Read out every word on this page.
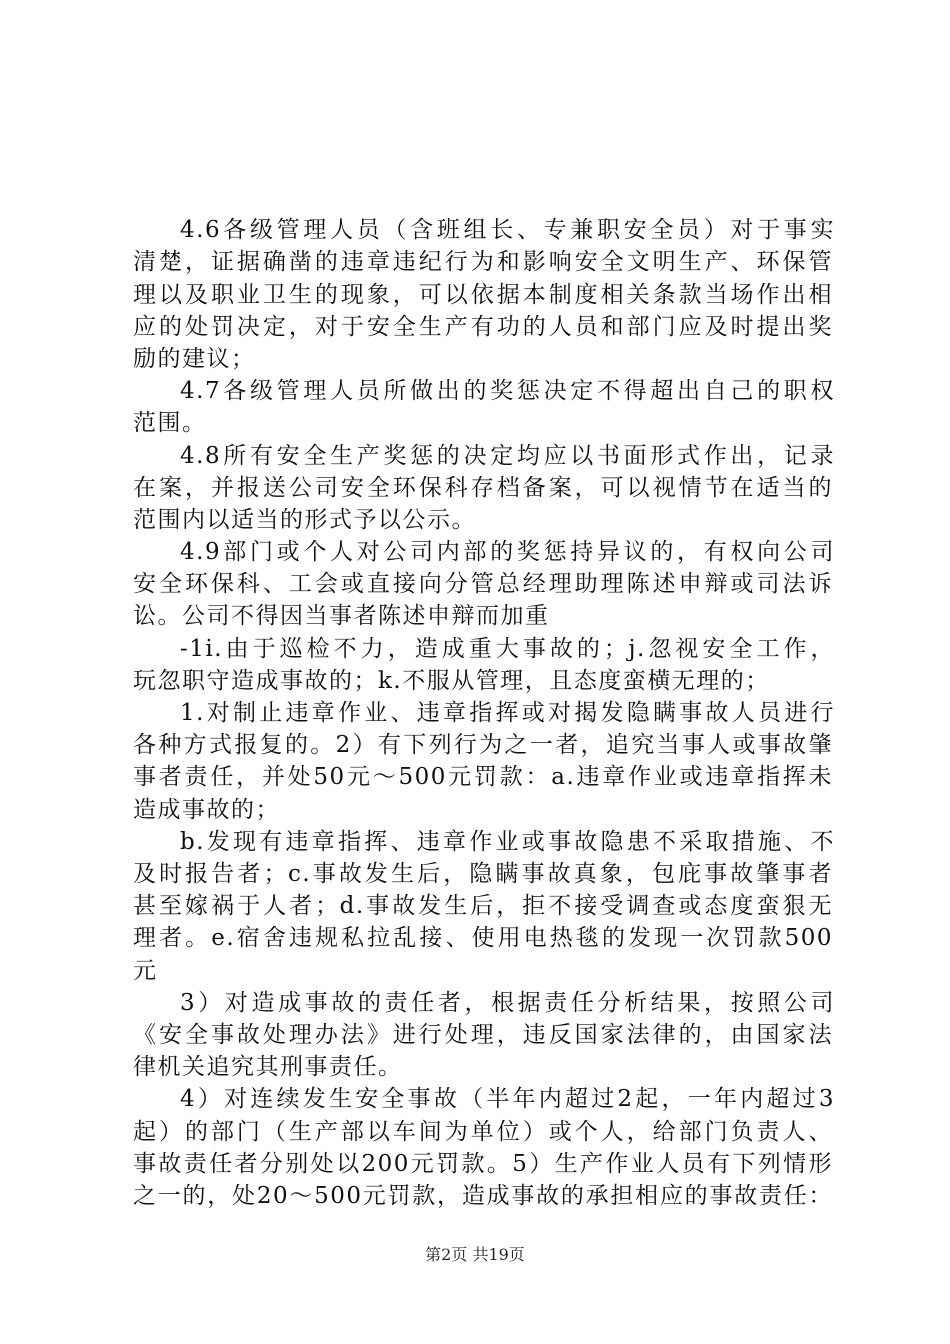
4.6各级管理人员（含班组长、专兼职安全员）对于事实
清楚，证据确凿的违章违纪行为和影响安全文明生产、环保管
理以及职业卫生的现象，可以依据本制度相关条款当场作出相
应的处罚决定，对于安全生产有功的人员和部门应及时提出奖
励的建议；
4.7各级管理人员所做出的奖惩决定不得超出自己的职权
范围。
4.8所有安全生产奖惩的决定均应以书面形式作出，记录
在案，并报送公司安全环保科存档备案，可以视情节在适当的
范围内以适当的形式予以公示。
4.9部门或个人对公司内部的奖惩持异议的，有权向公司
安全环保科、工会或直接向分管总经理助理陈述申辩或司法诉
讼。公司不得因当事者陈述申辩而加重
-1i.由于巡检不力，造成重大事故的；j.忽视安全工作，
玩忽职守造成事故的；k.不服从管理，且态度蛮横无理的；
1.对制止违章作业、违章指挥或对揭发隐瞒事故人员进行
各种方式报复的。2）有下列行为之一者，追究当事人或事故肇
事者责任，并处50元～500元罚款：a.违章作业或违章指挥未
造成事故的；
b.发现有违章指挥、违章作业或事故隐患不采取措施、不
及时报告者；c.事故发生后，隐瞒事故真象，包庇事故肇事者
甚至嫁祸于人者；d.事故发生后，拒不接受调查或态度蛮狠无
理者。e.宿舍违规私拉乱接、使用电热毯的发现一次罚款500
元
3）对造成事故的责任者，根据责任分析结果，按照公司
《安全事故处理办法》进行处理，违反国家法律的，由国家法
律机关追究其刑事责任。
4）对连续发生安全事故（半年内超过2起，一年内超过3
起）的部门（生产部以车间为单位）或个人，给部门负责人、
事故责任者分别处以200元罚款。5）生产作业人员有下列情形
之一的，处20～500元罚款，造成事故的承担相应的事故责任：
第2页 共19页
